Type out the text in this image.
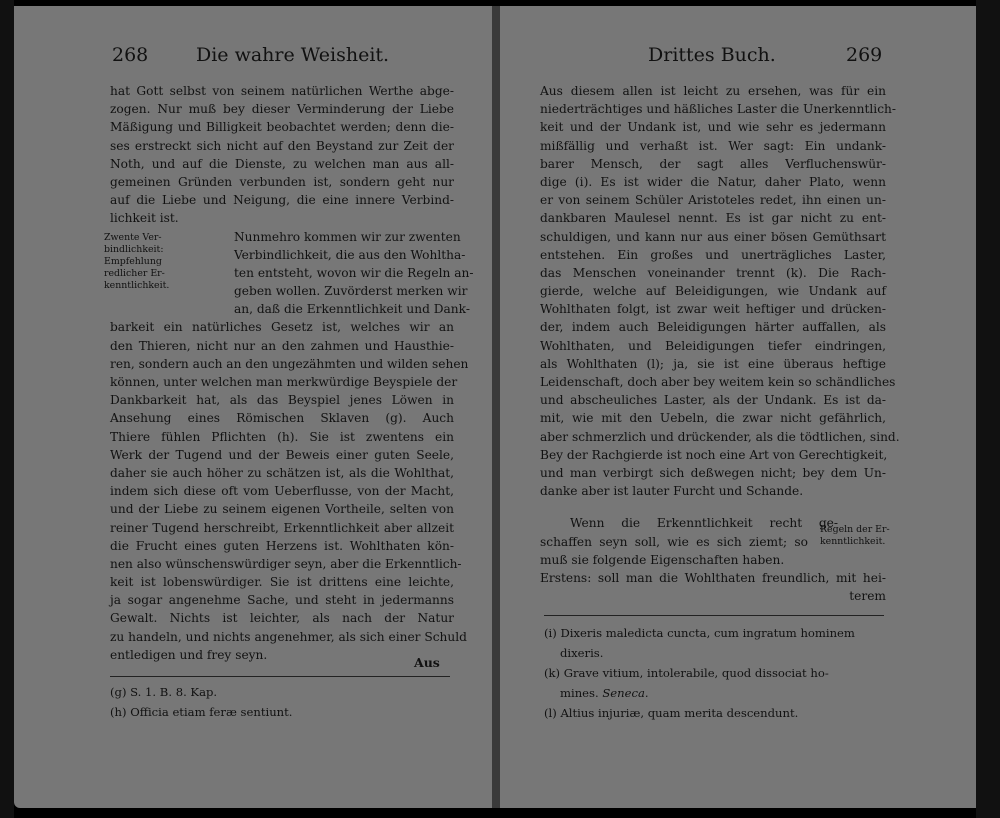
268	Die wahre Weisheit.
hat Gott selbst von seinem natürlichen Werthe abge-
zogen. Nur muß bey dieser Verminderung der Liebe
Mäßigung und Billigkeit beobachtet werden; denn die-
ses erstreckt sich nicht auf den Beystand zur Zeit der
Noth, und auf die Dienste, zu welchen man aus all-
gemeinen Gründen verbunden ist, sondern geht nur
auf die Liebe und Neigung, die eine innere Verbind-
lichkeit ist.
Nunmehro kommen wir zur zwenten
Verbindlichkeit, die aus den Wohltha-
ten entsteht, wovon wir die Regeln an-
geben wollen. Zuvörderst merken wir
an, daß die Erkenntlichkeit und Dank-
barkeit ein natürliches Gesetz ist, welches wir an
den Thieren, nicht nur an den zahmen und Hausthie-
ren, sondern auch an den ungezähmten und wilden sehen
können, unter welchen man merkwürdige Beyspiele der
Dankbarkeit hat, als das Beyspiel jenes Löwen in
Ansehung eines Römischen Sklaven (g). Auch
Thiere fühlen Pflichten (h). Sie ist zwentens ein
Werk der Tugend und der Beweis einer guten Seele,
daher sie auch höher zu schätzen ist, als die Wohlthat,
indem sich diese oft vom Ueberflusse, von der Macht,
und der Liebe zu seinem eigenen Vortheile, selten von
reiner Tugend herschreibt, Erkenntlichkeit aber allzeit
die Frucht eines guten Herzens ist. Wohlthaten kön-
nen also wünschenswürdiger seyn, aber die Erkenntlich-
keit ist lobenswürdiger. Sie ist drittens eine leichte,
ja sogar angenehme Sache, und steht in jedermanns
Gewalt. Nichts ist leichter, als nach der Natur
zu handeln, und nichts angenehmer, als sich einer Schuld
entledigen und frey seyn.
Zwente Ver-
bindlichkeit:
Empfehlung
redlicher Er-
kenntlichkeit.
Aus
(g) S. 1. B. 8. Kap.
(h) Officia etiam feræ sentiunt.
Drittes Buch.	269
Aus diesem allen ist leicht zu ersehen, was für ein
niederträchtiges und häßliches Laster die Unerkenntlich-
keit und der Undank ist, und wie sehr es jedermann
mißfällig und verhaßt ist. Wer sagt: Ein undank-
barer Mensch, der sagt alles Verfluchenswür-
dige (i). Es ist wider die Natur, daher Plato, wenn
er von seinem Schüler Aristoteles redet, ihn einen un-
dankbaren Maulesel nennt. Es ist gar nicht zu ent-
schuldigen, und kann nur aus einer bösen Gemüthsart
entstehen. Ein großes und unerträgliches Laster,
das Menschen voneinander trennt (k). Die Rach-
gierde, welche auf Beleidigungen, wie Undank auf
Wohlthaten folgt, ist zwar weit heftiger und drücken-
der, indem auch Beleidigungen härter auffallen, als
Wohlthaten, und Beleidigungen tiefer eindringen,
als Wohlthaten (l); ja, sie ist eine überaus heftige
Leidenschaft, doch aber bey weitem kein so schändliches
und abscheuliches Laster, als der Undank. Es ist da-
mit, wie mit den Uebeln, die zwar nicht gefährlich,
aber schmerzlich und drückender, als die tödtlichen, sind.
Bey der Rachgierde ist noch eine Art von Gerechtigkeit,
und man verbirgt sich deßwegen nicht; bey dem Un-
danke aber ist lauter Furcht und Schande.
Wenn die Erkenntlichkeit recht ge-
schaffen seyn soll, wie es sich ziemt; so
muß sie folgende Eigenschaften haben.
Erstens: soll man die Wohlthaten freundlich, mit hei-
terem
Regeln der Er-
kenntlichkeit.
(i) Dixeris maledicta cuncta, cum ingratum hominem
dixeris.
(k) Grave vitium, intolerabile, quod dissociat ho-
mines. Seneca.
(l) Altius injuriæ, quam merita descendunt.
